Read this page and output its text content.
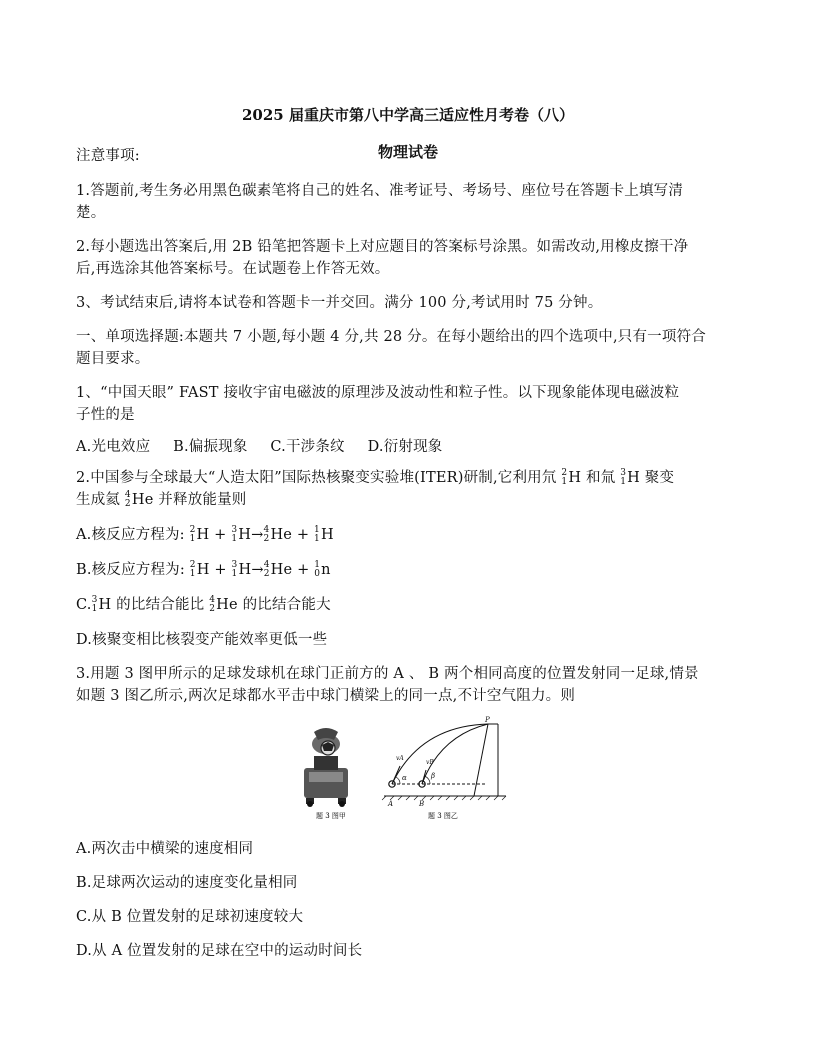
2025 届重庆市第八中学高三适应性月考卷（八）
物理试卷
注意事项:
1.答题前,考生务必用黑色碳素笔将自己的姓名、准考证号、考场号、座位号在答题卡上填写清
楚。
2.每小题选出答案后,用 2B 铅笔把答题卡上对应题目的答案标号涂黑。如需改动,用橡皮擦干净
后,再选涂其他答案标号。在试题卷上作答无效。
3、考试结束后,请将本试卷和答题卡一并交回。满分 100 分,考试用时 75 分钟。
一、单项选择题:本题共 7 小题,每小题 4 分,共 28 分。在每小题给出的四个选项中,只有一项符合
题目要求。
1、“中国天眼” FAST 接收宇宙电磁波的原理涉及波动性和粒子性。以下现象能体现电磁波粒
子性的是
A.光电效应 B.偏振现象 C.干涉条纹 D.衍射现象
2.中国参与全球最大“人造太阳”国际热核聚变实验堆(ITER)研制,它利用氘 2
1 H 和氚 3
1 H 聚变
生成氦 4
2 He 并释放能量则
A.核反应方程为: 2
1 H + 3
1 H→ 4
2 He + 1
1 H
B.核反应方程为: 2
1 H + 3
1 H→ 4
2 He + 1
0 n
C. 3
1 H 的比结合能比 4
2 He 的比结合能大
D.核聚变相比核裂变产能效率更低一些
3.用题 3 图甲所示的足球发球机在球门正前方的 A 、 B 两个相同高度的位置发射同一足球,情景
如题 3 图乙所示,两次足球都水平击中球门横梁上的同一点,不计空气阻力。则
题 3 图甲
P
vA
vB
α	β
A	B
题 3 图乙
A.两次击中横梁的速度相同
B.足球两次运动的速度变化量相同
C.从 B 位置发射的足球初速度较大
D.从 A 位置发射的足球在空中的运动时间长
